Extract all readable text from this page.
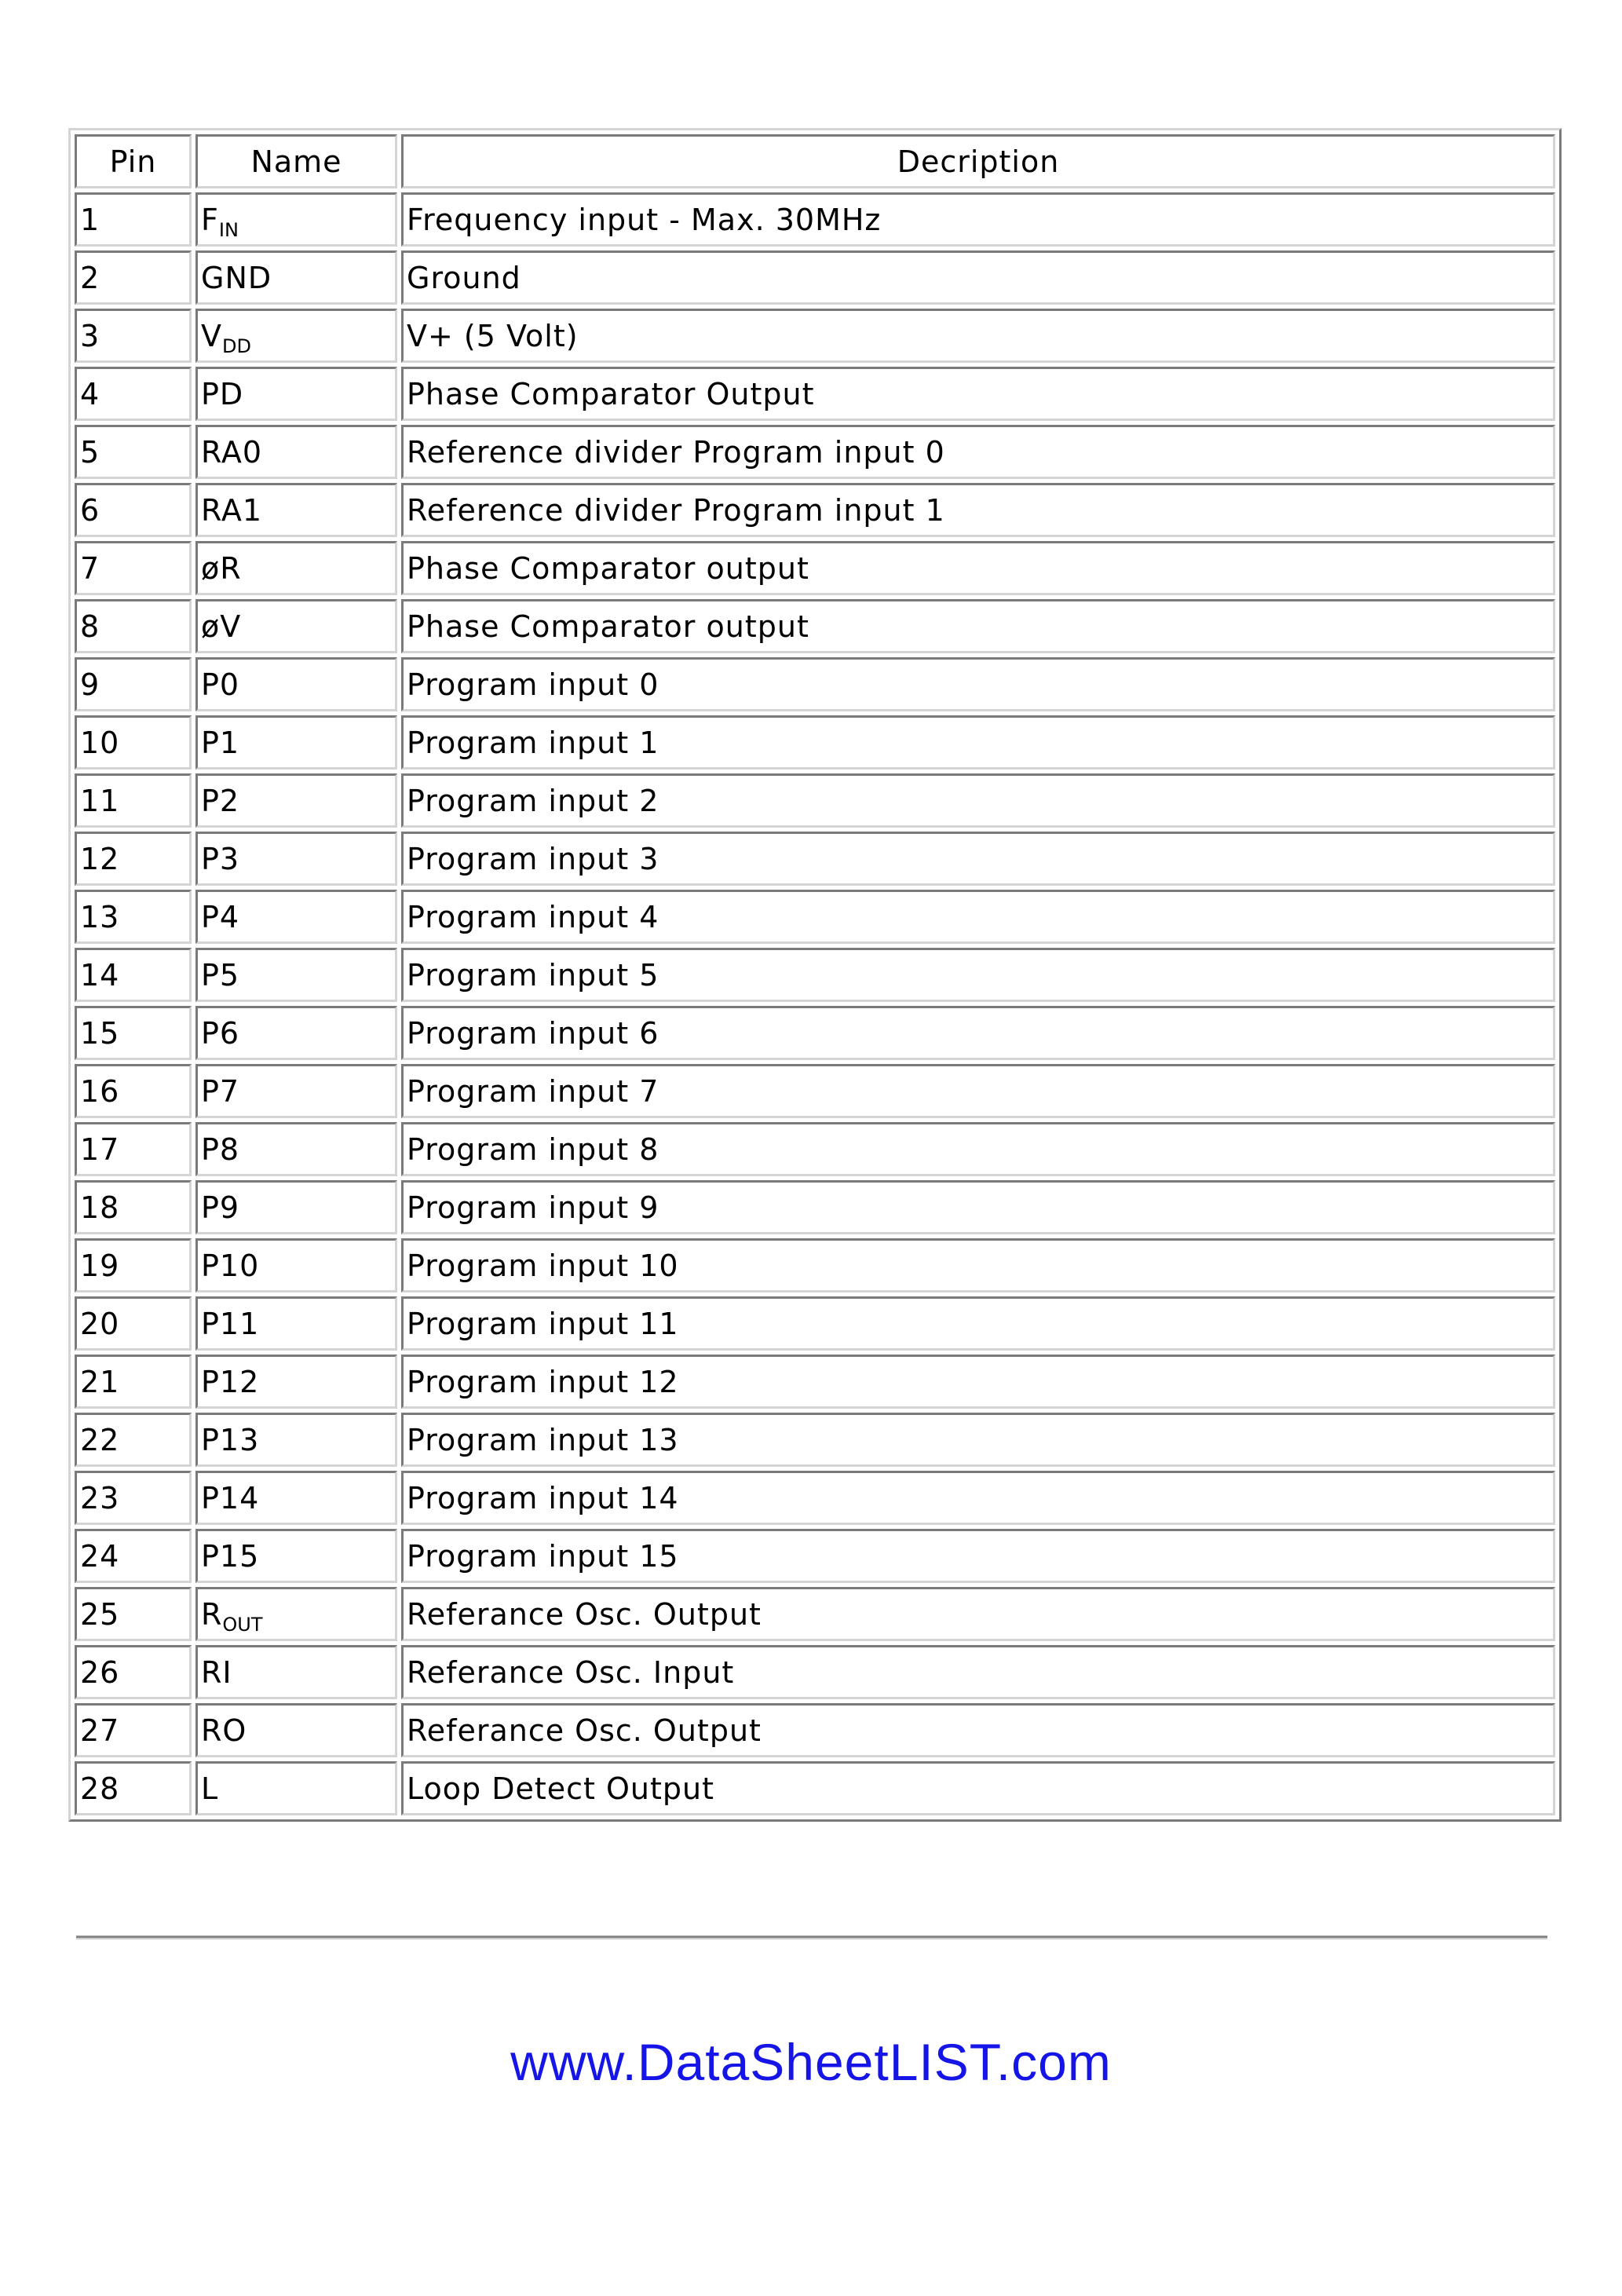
Pin	Name	Decription
1	$F_{IN}$	Frequency input - Max. 30MHz
2	GND	Ground
3	$V_{DD}$	V+ (5 Volt)
4	PD	Phase Comparator Output
5	RA0	Reference divider Program input 0
6	RA1	Reference divider Program input 1
7	øR	Phase Comparator output
8	øV	Phase Comparator output
9	P0	Program input 0
10	P1	Program input 1
11	P2	Program input 2
12	P3	Program input 3
13	P4	Program input 4
14	P5	Program input 5
15	P6	Program input 6
16	P7	Program input 7
17	P8	Program input 8
18	P9	Program input 9
19	P10	Program input 10
20	P11	Program input 11
21	P12	Program input 12
22	P13	Program input 13
23	P14	Program input 14
24	P15	Program input 15
25	$R_{OUT}$	Referance Osc. Output
26	RI	Referance Osc. Input
27	RO	Referance Osc. Output
28	L	Loop Detect Output
www.DataSheetLIST.com
